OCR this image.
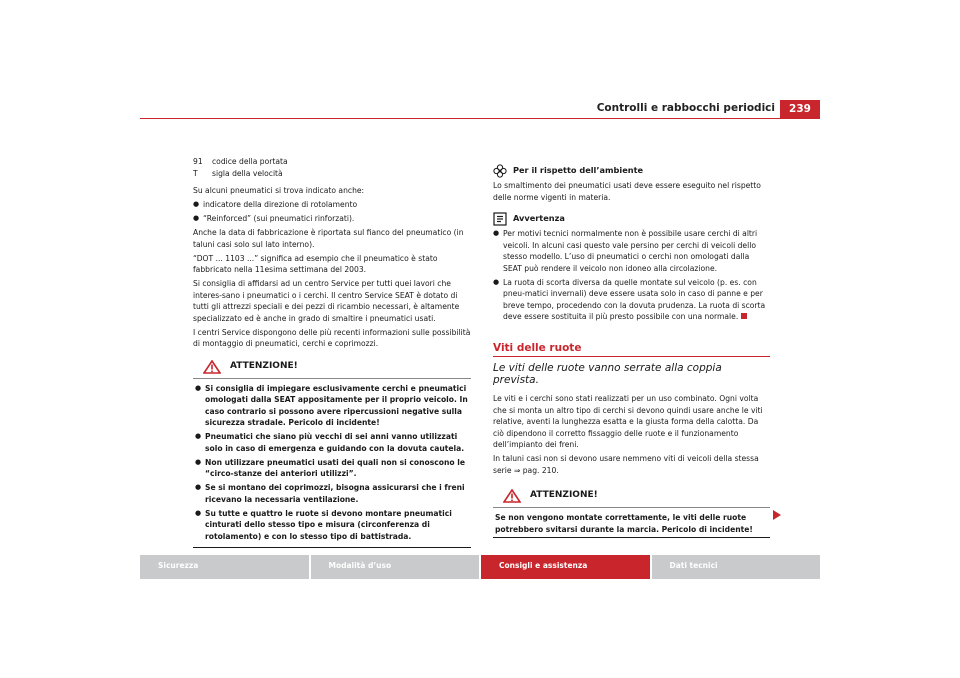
Controlli e rabbocchi periodici	239
91	codice della portata
T	sigla della velocità

Su alcuni pneumatici si trova indicato anche:

● indicatore della direzione di rotolamento
● “Reinforced” (sui pneumatici rinforzati).

Anche la data di fabbricazione è riportata sul fianco del pneumatico (in taluni casi solo sul lato interno).

“DOT ... 1103 ...” significa ad esempio che il pneumatico è stato fabbricato nella 11esima settimana del 2003.

Si consiglia di affidarsi ad un centro Service per tutti quei lavori che interes-sano i pneumatici o i cerchi. Il centro Service SEAT è dotato di tutti gli attrezzi speciali e dei pezzi di ricambio necessari, è altamente specializzato ed è anche in grado di smaltire i pneumatici usati.

I centri Service dispongono delle più recenti informazioni sulle possibilità di montaggio di pneumatici, cerchi e coprimozzi.

ATTENZIONE!
● Si consiglia di impiegare esclusivamente cerchi e pneumatici omologati dalla SEAT appositamente per il proprio veicolo. In caso contrario si possono avere ripercussioni negative sulla sicurezza stradale. Pericolo di incidente!
● Pneumatici che siano più vecchi di sei anni vanno utilizzati solo in caso di emergenza e guidando con la dovuta cautela.
● Non utilizzare pneumatici usati dei quali non si conoscono le “circo-stanze dei anteriori utilizzi”.
● Se si montano dei coprimozzi, bisogna assicurarsi che i freni ricevano la necessaria ventilazione.
● Su tutte e quattro le ruote si devono montare pneumatici cinturati dello stesso tipo e misura (circonferenza di rotolamento) e con lo stesso tipo di battistrada.
Per il rispetto dell’ambiente

Lo smaltimento dei pneumatici usati deve essere eseguito nel rispetto delle norme vigenti in materia.

Avvertenza
● Per motivi tecnici normalmente non è possibile usare cerchi di altri veicoli. In alcuni casi questo vale persino per cerchi di veicoli dello stesso modello. L’uso di pneumatici o cerchi non omologati dalla SEAT può rendere il veicolo non idoneo alla circolazione.
● La ruota di scorta diversa da quelle montate sul veicolo (p. es. con pneu-matici invernali) deve essere usata solo in caso di panne e per breve tempo, procedendo con la dovuta prudenza. La ruota di scorta deve essere sostituita il più presto possibile con una normale.
Viti delle ruote
Le viti delle ruote vanno serrate alla coppia prevista.

Le viti e i cerchi sono stati realizzati per un uso combinato. Ogni volta che si monta un altro tipo di cerchi si devono quindi usare anche le viti relative, aventi la lunghezza esatta e la giusta forma della calotta. Da ciò dipendono il corretto fissaggio delle ruote e il funzionamento dell’impianto dei freni.

In taluni casi non si devono usare nemmeno viti di veicoli della stessa serie ⇒ pag. 210.

ATTENZIONE!
Se non vengono montate correttamente, le viti delle ruote potrebbero svitarsi durante la marcia. Pericolo di incidente!
Sicurezza	Modalità d’uso	Consigli e assistenza	Dati tecnici
